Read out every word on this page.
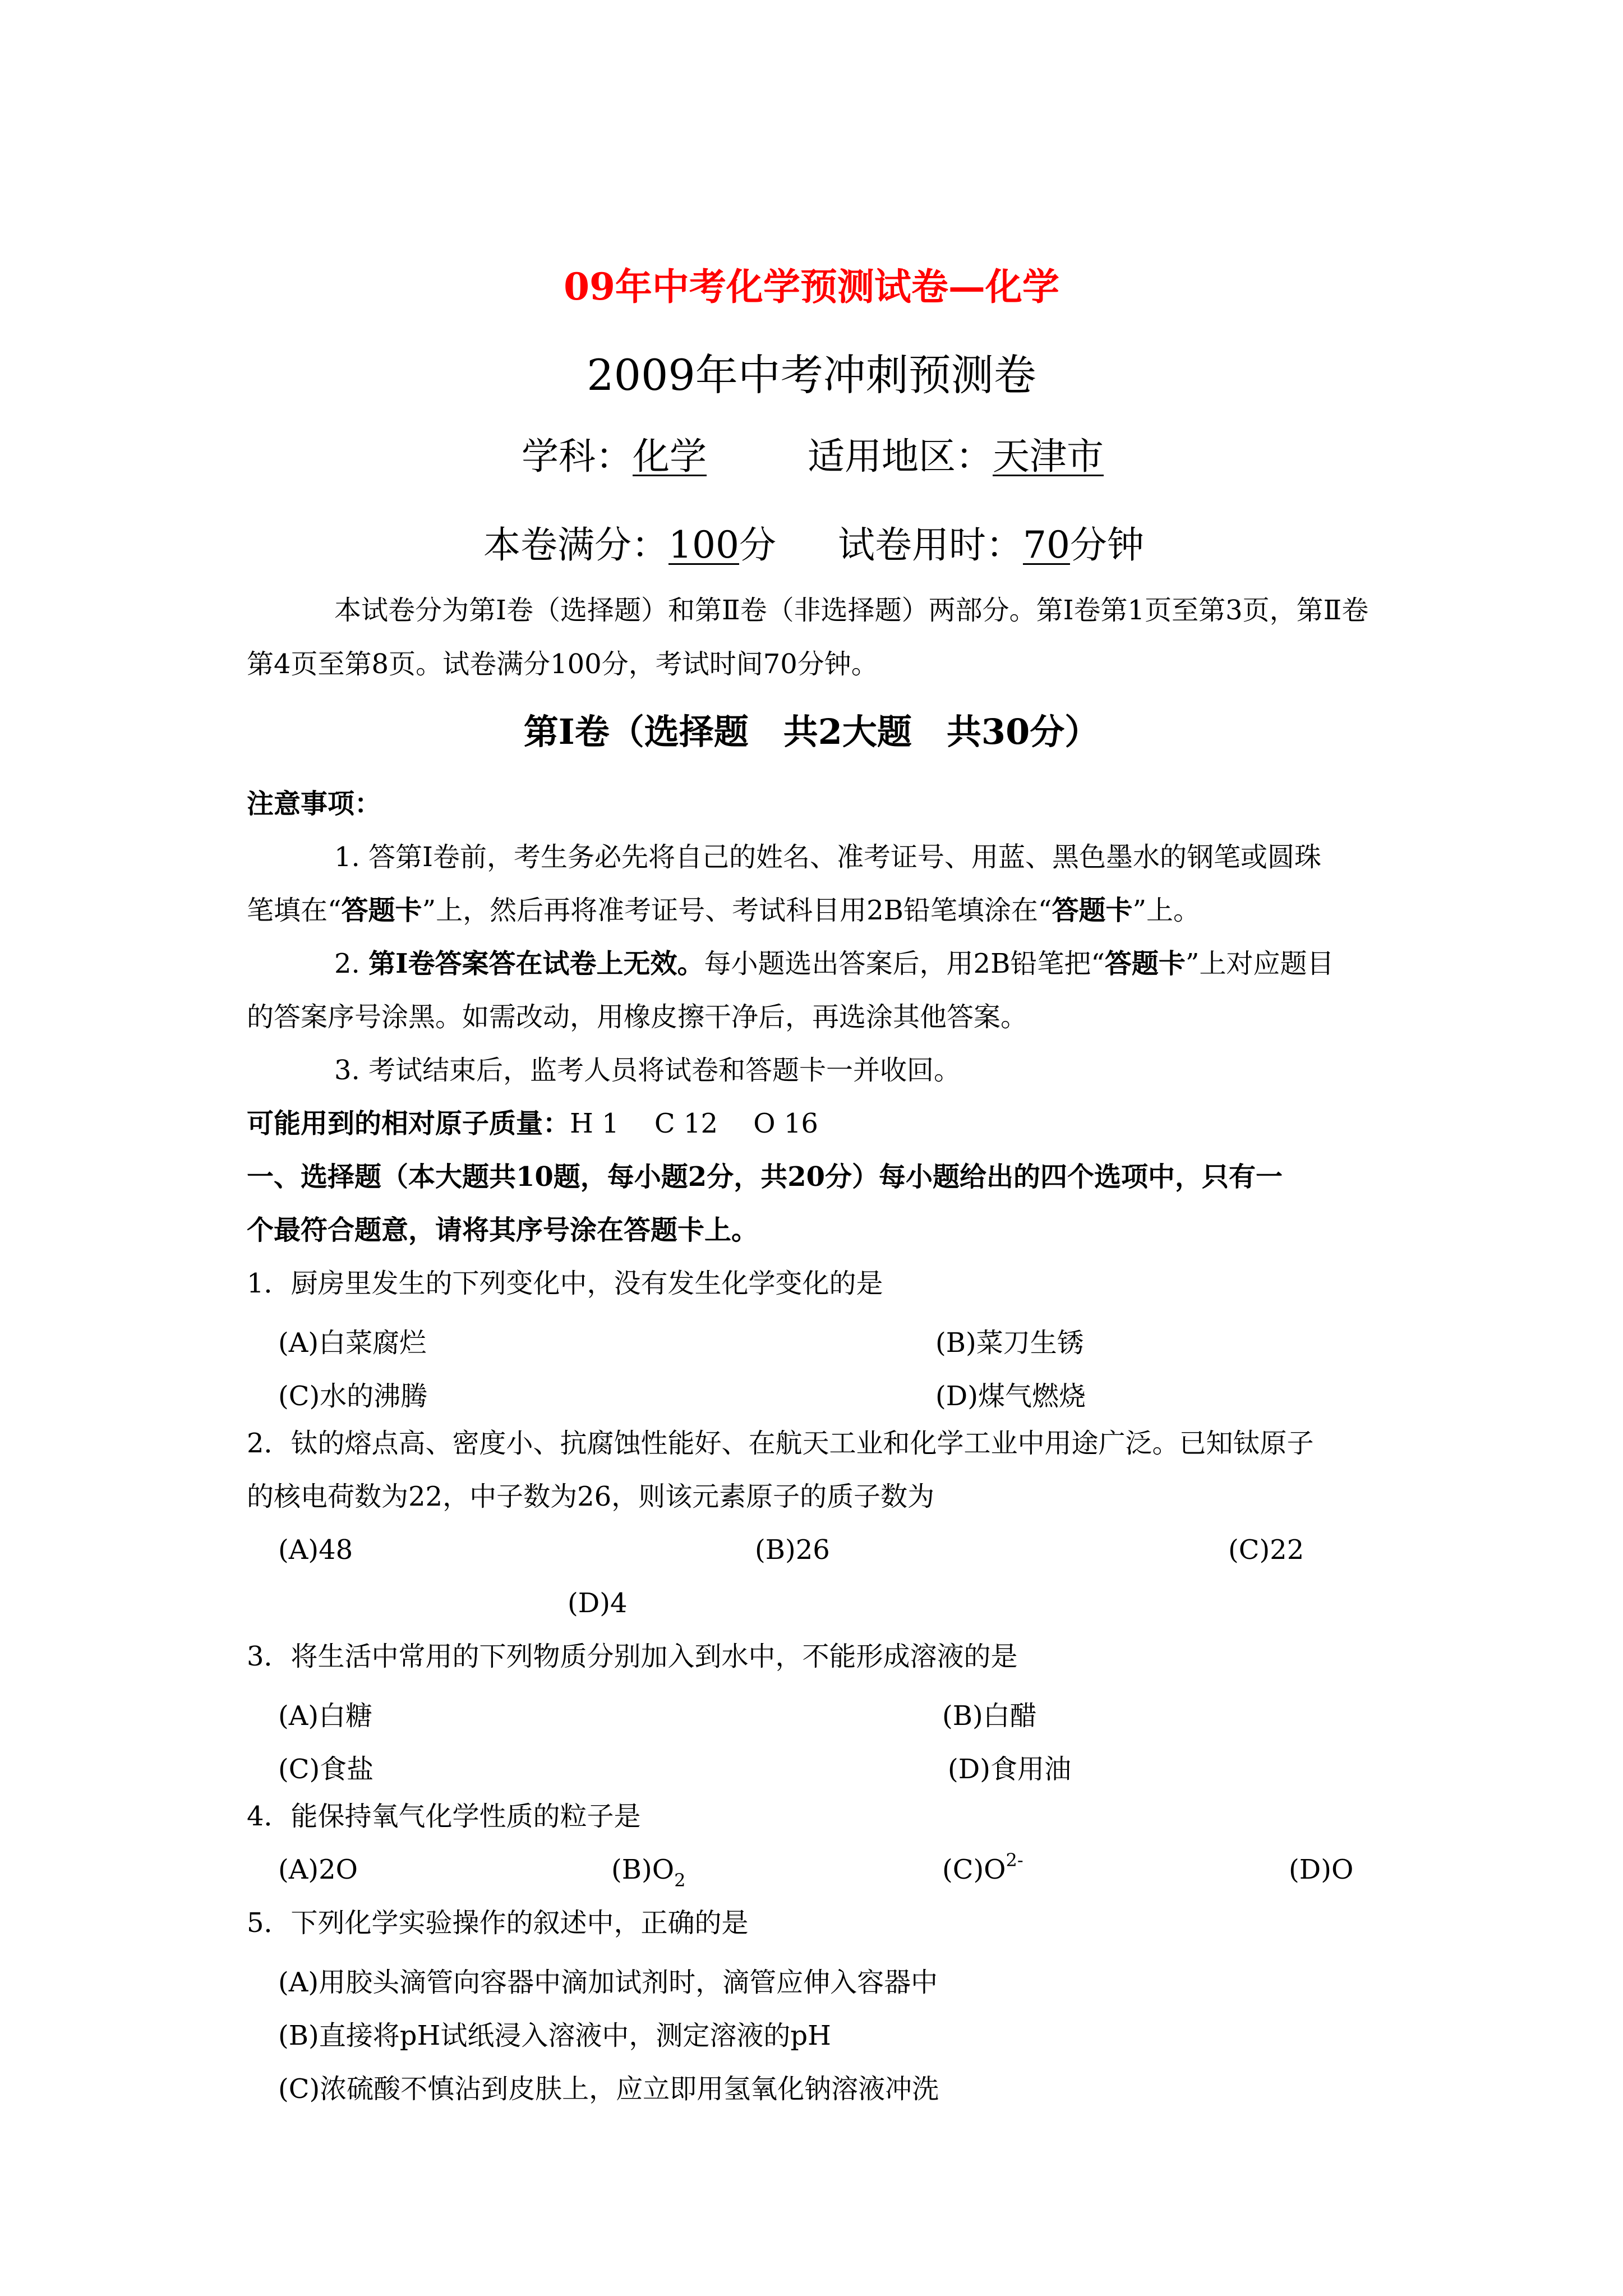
09年中考化学预测试卷—化学
2009年中考冲刺预测卷
学科：化学	适用地区：天津市
本卷满分：100分 试卷用时：70分钟
本试卷分为第Ⅰ卷（选择题）和第Ⅱ卷（非选择题）两部分。第Ⅰ卷第1页至第3页，第Ⅱ卷第4页至第8页。试卷满分100分，考试时间70分钟。
第Ⅰ卷（选择题　共2大题　共30分）
注意事项：
1. 答第Ⅰ卷前，考生务必先将自己的姓名、准考证号、用蓝、黑色墨水的钢笔或圆珠
笔填在“答题卡”上，然后再将准考证号、考试科目用2B铅笔填涂在“答题卡”上。
2. 第Ⅰ卷答案答在试卷上无效。每小题选出答案后，用2B铅笔把“答题卡”上对应题目
的答案序号涂黑。如需改动，用橡皮擦干净后，再选涂其他答案。
3. 考试结束后，监考人员将试卷和答题卡一并收回。
可能用到的相对原子质量：H 1　 C 12　 O 16
一、选择题（本大题共10题，每小题2分，共20分）每小题给出的四个选项中，只有一
个最符合题意，请将其序号涂在答题卡上。
1．厨房里发生的下列变化中，没有发生化学变化的是
(A)白菜腐烂	(B)菜刀生锈
(C)水的沸腾	(D)煤气燃烧
2．钛的熔点高、密度小、抗腐蚀性能好、在航天工业和化学工业中用途广泛。已知钛原子
的核电荷数为22，中子数为26，则该元素原子的质子数为
(A)48	(B)26	(C)22
(D)4
3．将生活中常用的下列物质分别加入到水中，不能形成溶液的是
(A)白糖	(B)白醋
(C)食盐	(D)食用油
4．能保持氧气化学性质的粒子是
(A)2O	$(B)O_2$	$(C)O^{2-}$	(D)O
5．下列化学实验操作的叙述中，正确的是
(A)用胶头滴管向容器中滴加试剂时，滴管应伸入容器中
(B)直接将pH试纸浸入溶液中，测定溶液的pH
(C)浓硫酸不慎沾到皮肤上，应立即用氢氧化钠溶液冲洗
